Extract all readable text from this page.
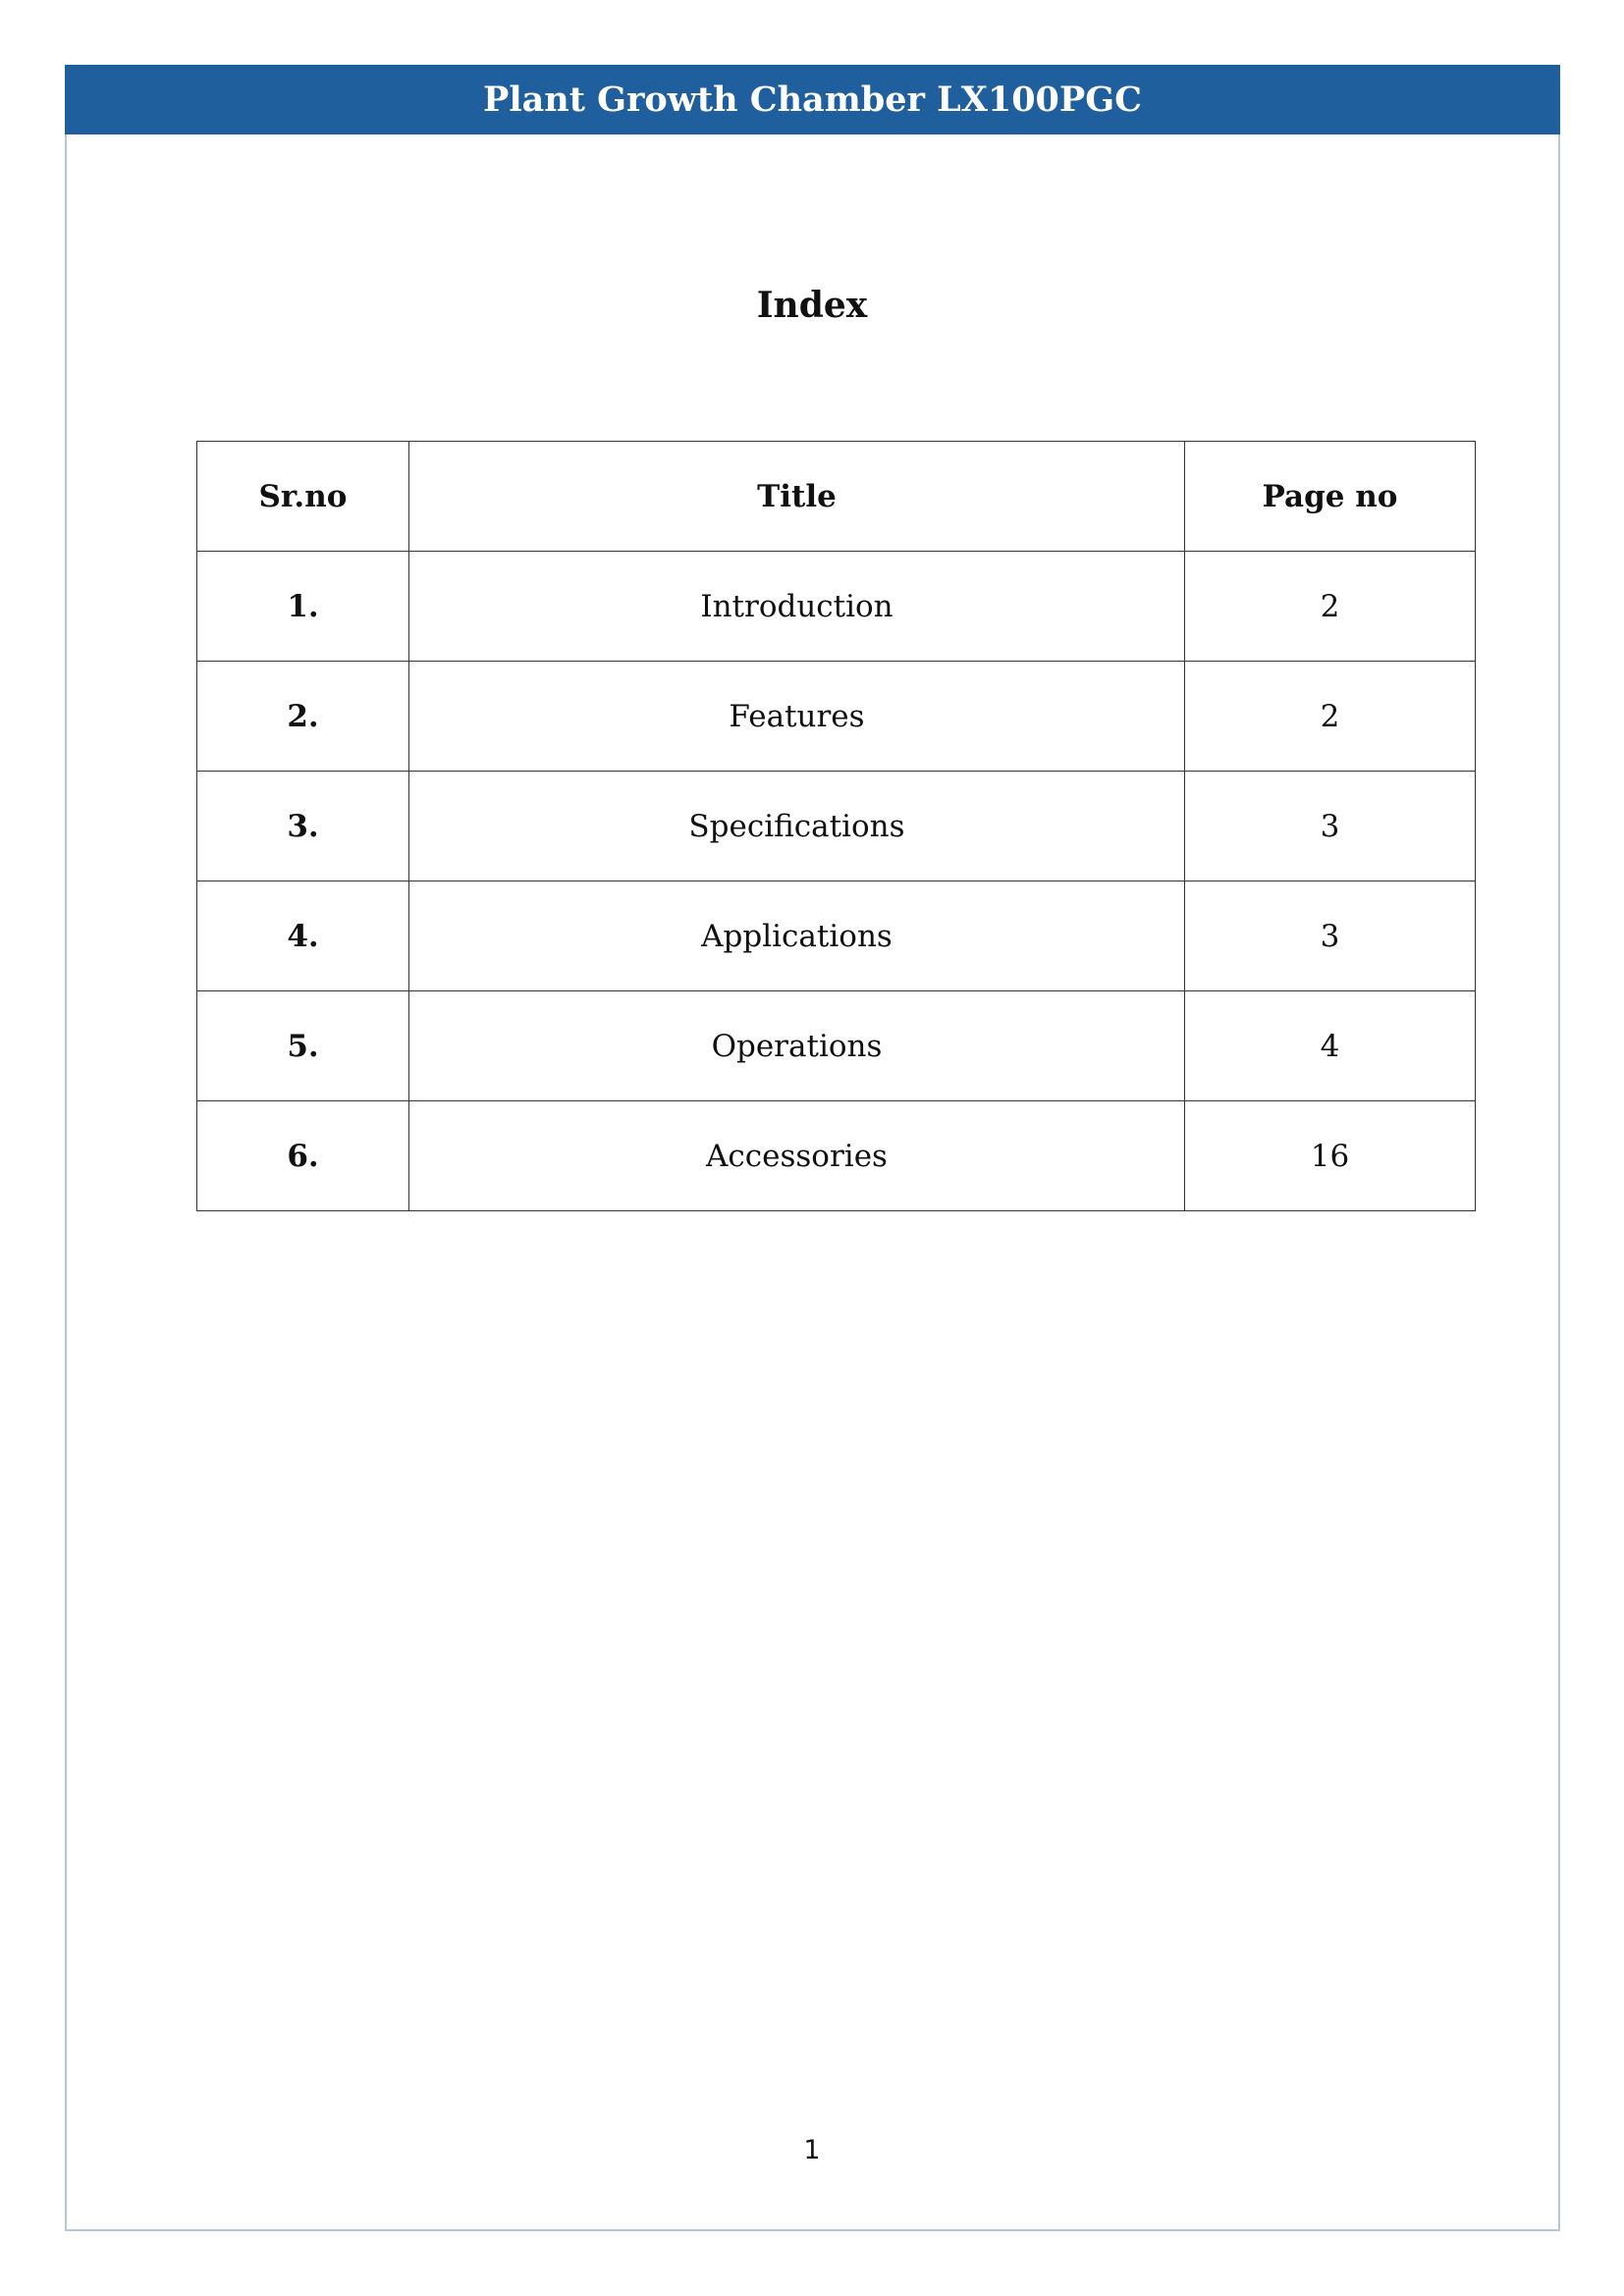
Plant Growth Chamber LX100PGC
Index
Sr.no	Title	Page no
1.	Introduction	2
2.	Features	2
3.	Specifications	3
4.	Applications	3
5.	Operations	4
6.	Accessories	16
1
